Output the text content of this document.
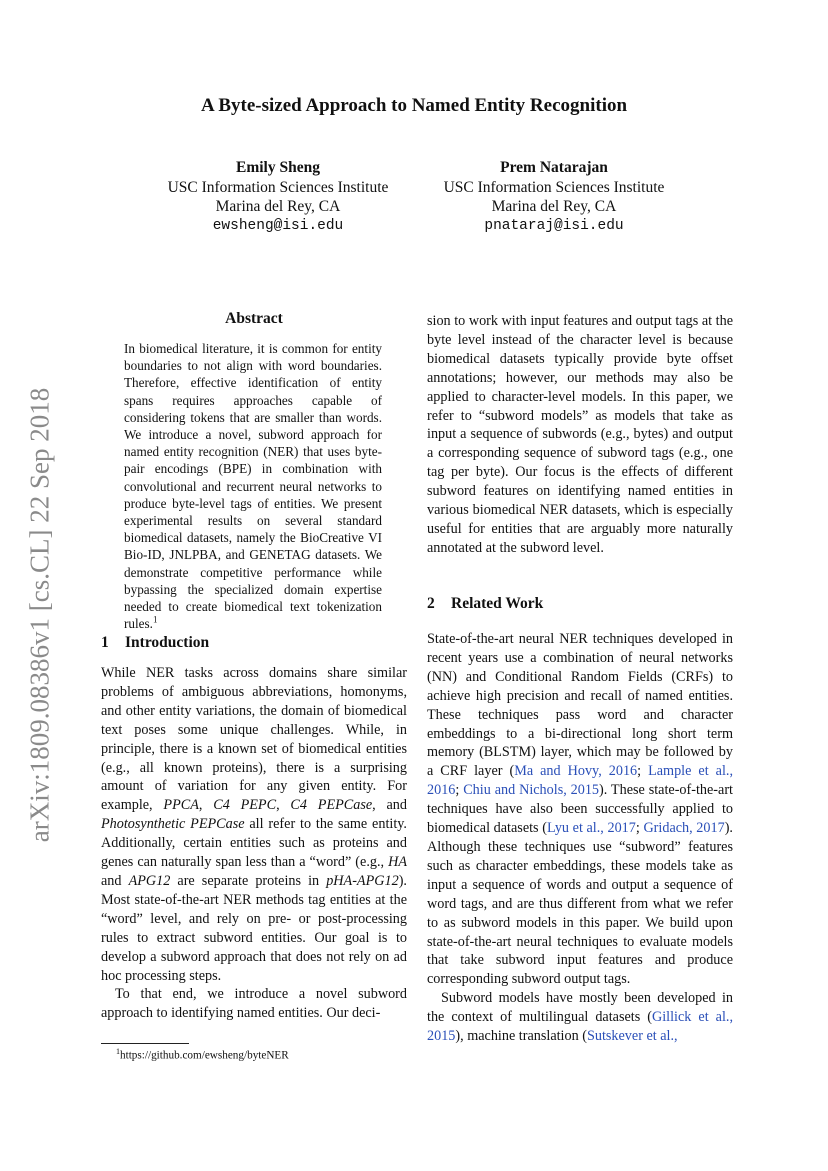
A Byte-sized Approach to Named Entity Recognition
Emily Sheng
USC Information Sciences Institute
Marina del Rey, CA
ewsheng@isi.edu
Prem Natarajan
USC Information Sciences Institute
Marina del Rey, CA
pnataraj@isi.edu
arXiv:1809.08386v1 [cs.CL] 22 Sep 2018
Abstract
In biomedical literature, it is common for entity boundaries to not align with word boundaries. Therefore, effective identification of entity spans requires approaches capable of considering tokens that are smaller than words. We introduce a novel, subword approach for named entity recognition (NER) that uses byte-pair encodings (BPE) in combination with convolutional and recurrent neural networks to produce byte-level tags of entities. We present experimental results on several standard biomedical datasets, namely the BioCreative VI Bio-ID, JNLPBA, and GENETAG datasets. We demonstrate competitive performance while bypassing the specialized domain expertise needed to create biomedical text tokenization rules.$^1$
1 Introduction

While NER tasks across domains share similar problems of ambiguous abbreviations, homonyms, and other entity variations, the domain of biomedical text poses some unique challenges. While, in principle, there is a known set of biomedical entities (e.g., all known proteins), there is a surprising amount of variation for any given entity. For example, PPCA, C4 PEPC, C4 PEPCase, and Photosynthetic PEPCase all refer to the same entity. Additionally, certain entities such as proteins and genes can naturally span less than a “word” (e.g., HA and APG12 are separate proteins in pHA-APG12). Most state-of-the-art NER methods tag entities at the “word” level, and rely on pre- or post-processing rules to extract subword entities. Our goal is to develop a subword approach that does not rely on ad hoc processing steps.

To that end, we introduce a novel subword approach to identifying named entities. Our deci-

sion to work with input features and output tags at the byte level instead of the character level is because biomedical datasets typically provide byte offset annotations; however, our methods may also be applied to character-level models. In this paper, we refer to “subword models” as models that take as input a sequence of subwords (e.g., bytes) and output a corresponding sequence of subword tags (e.g., one tag per byte). Our focus is the effects of different subword features on identifying named entities in various biomedical NER datasets, which is especially useful for entities that are arguably more naturally annotated at the subword level.

2 Related Work

State-of-the-art neural NER techniques developed in recent years use a combination of neural networks (NN) and Conditional Random Fields (CRFs) to achieve high precision and recall of named entities. These techniques pass word and character embeddings to a bi-directional long short term memory (BLSTM) layer, which may be followed by a CRF layer (Ma and Hovy, 2016; Lample et al., 2016; Chiu and Nichols, 2015). These state-of-the-art techniques have also been successfully applied to biomedical datasets (Lyu et al., 2017; Gridach, 2017). Although these techniques use “subword” features such as character embeddings, these models take as input a sequence of words and output a sequence of word tags, and are thus different from what we refer to as subword models in this paper. We build upon state-of-the-art neural techniques to evaluate models that take subword input features and produce corresponding subword output tags.

Subword models have mostly been developed in the context of multilingual datasets (Gillick et al., 2015), machine translation (Sutskever et al.,

$^1$https://github.com/ewsheng/byteNER
